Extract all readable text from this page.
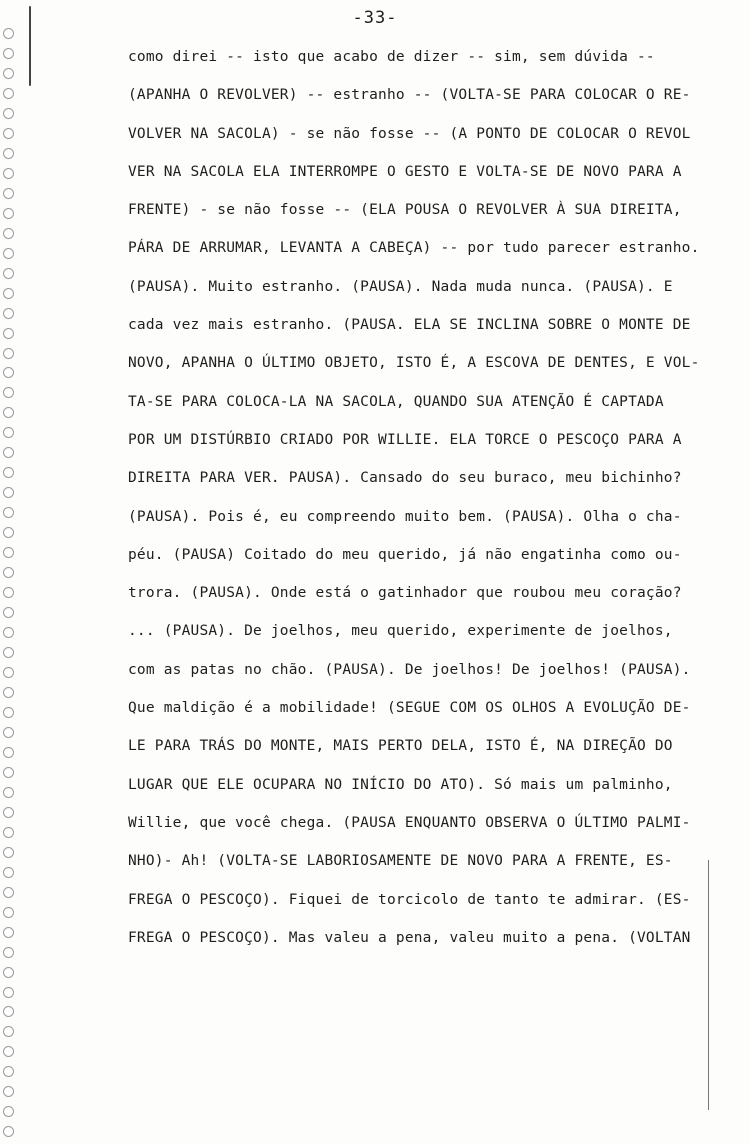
-33-
como direi -- isto que acabo de dizer -- sim, sem dúvida --
(APANHA O REVOLVER) -- estranho -- (VOLTA-SE PARA COLOCAR O RE-
VOLVER NA SACOLA) - se não fosse -- (A PONTO DE COLOCAR O REVOL
VER NA SACOLA ELA INTERROMPE O GESTO E VOLTA-SE DE NOVO PARA A
FRENTE) - se não fosse -- (ELA POUSA O REVOLVER À SUA DIREITA,
PÁRA DE ARRUMAR, LEVANTA A CABEÇA) -- por tudo parecer estranho.
(PAUSA). Muito estranho. (PAUSA). Nada muda nunca. (PAUSA). E
cada vez mais estranho. (PAUSA. ELA SE INCLINA SOBRE O MONTE DE
NOVO, APANHA O ÚLTIMO OBJETO, ISTO É, A ESCOVA DE DENTES, E VOL-
TA-SE PARA COLOCA-LA NA SACOLA, QUANDO SUA ATENÇÃO É CAPTADA
POR UM DISTÚRBIO CRIADO POR WILLIE. ELA TORCE O PESCOÇO PARA A
DIREITA PARA VER. PAUSA). Cansado do seu buraco, meu bichinho?
(PAUSA). Pois é, eu compreendo muito bem. (PAUSA). Olha o cha-
péu. (PAUSA) Coitado do meu querido, já não engatinha como ou-
trora. (PAUSA). Onde está o gatinhador que roubou meu coração?
... (PAUSA). De joelhos, meu querido, experimente de joelhos,
com as patas no chão. (PAUSA). De joelhos! De joelhos! (PAUSA).
Que maldição é a mobilidade! (SEGUE COM OS OLHOS A EVOLUÇÃO DE-
LE PARA TRÁS DO MONTE, MAIS PERTO DELA, ISTO É, NA DIREÇÃO DO
LUGAR QUE ELE OCUPARA NO INÍCIO DO ATO). Só mais um palminho,
Willie, que você chega. (PAUSA ENQUANTO OBSERVA O ÚLTIMO PALMI-
NHO)- Ah! (VOLTA-SE LABORIOSAMENTE DE NOVO PARA A FRENTE, ES-
FREGA O PESCOÇO). Fiquei de torcicolo de tanto te admirar. (ES-
FREGA O PESCOÇO). Mas valeu a pena, valeu muito a pena. (VOLTAN
